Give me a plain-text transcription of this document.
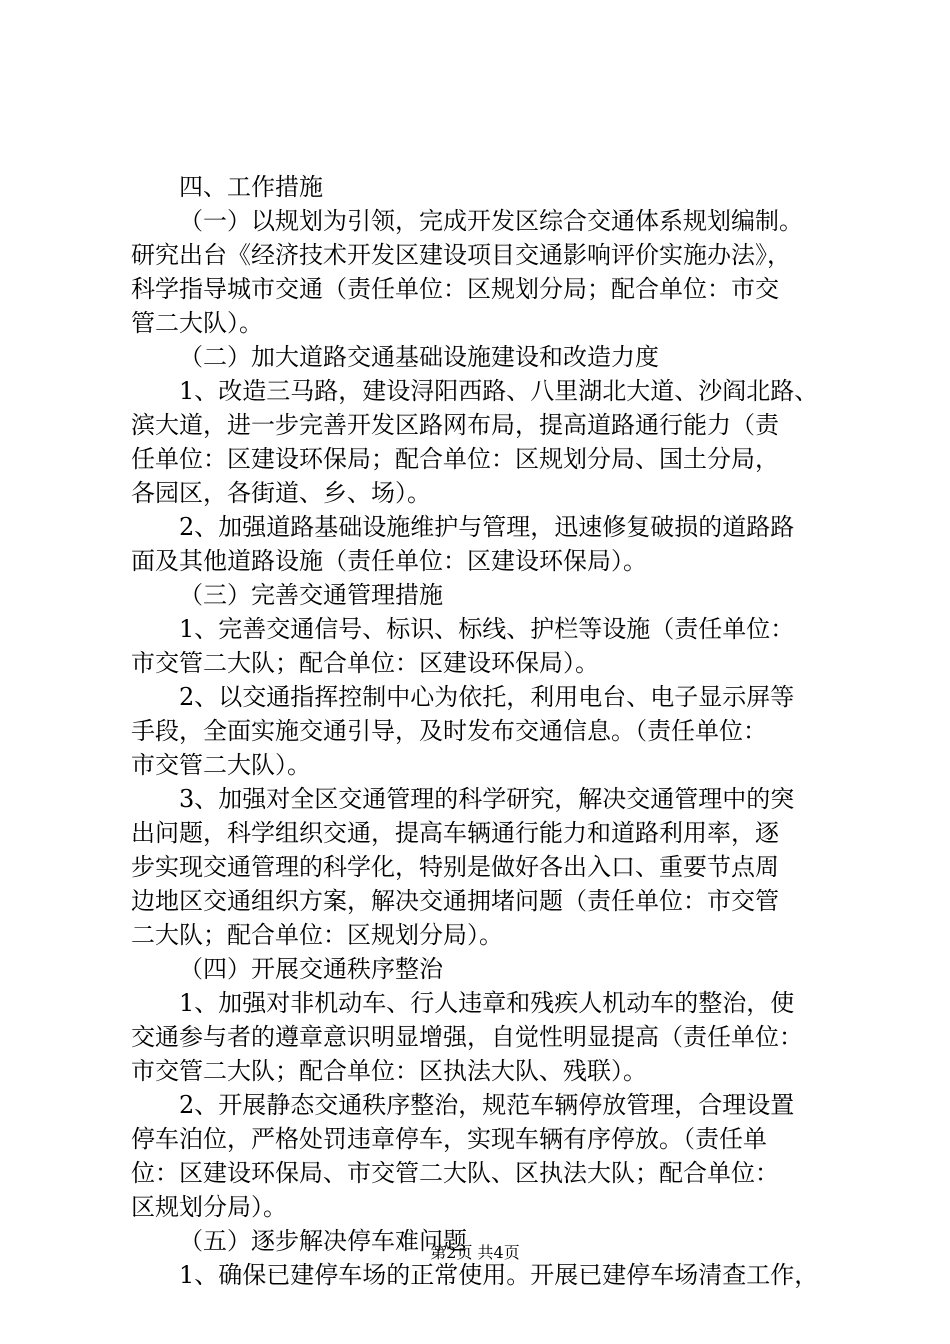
四、工作措施
（一）以规划为引领，完成开发区综合交通体系规划编制。
研究出台《经济技术开发区建设项目交通影响评价实施办法》，
科学指导城市交通（责任单位：区规划分局；配合单位：市交
管二大队）。
（二）加大道路交通基础设施建设和改造力度
1、改造三马路，建设浔阳西路、八里湖北大道、沙阎北路、
滨大道，进一步完善开发区路网布局，提高道路通行能力（责
任单位：区建设环保局；配合单位：区规划分局、国土分局，
各园区，各街道、乡、场）。
2、加强道路基础设施维护与管理，迅速修复破损的道路路
面及其他道路设施（责任单位：区建设环保局）。
（三）完善交通管理措施
1、完善交通信号、标识、标线、护栏等设施（责任单位：
市交管二大队；配合单位：区建设环保局）。
2、以交通指挥控制中心为依托，利用电台、电子显示屏等
手段，全面实施交通引导，及时发布交通信息。（责任单位：
市交管二大队）。
3、加强对全区交通管理的科学研究，解决交通管理中的突
出问题，科学组织交通，提高车辆通行能力和道路利用率，逐
步实现交通管理的科学化，特别是做好各出入口、重要节点周
边地区交通组织方案，解决交通拥堵问题（责任单位：市交管
二大队；配合单位：区规划分局）。
（四）开展交通秩序整治
1、加强对非机动车、行人违章和残疾人机动车的整治，使
交通参与者的遵章意识明显增强，自觉性明显提高（责任单位：
市交管二大队；配合单位：区执法大队、残联）。
2、开展静态交通秩序整治，规范车辆停放管理，合理设置
停车泊位，严格处罚违章停车，实现车辆有序停放。（责任单
位：区建设环保局、市交管二大队、区执法大队；配合单位：
区规划分局）。
（五）逐步解决停车难问题
1、确保已建停车场的正常使用。开展已建停车场清查工作，
第2页 共4页
